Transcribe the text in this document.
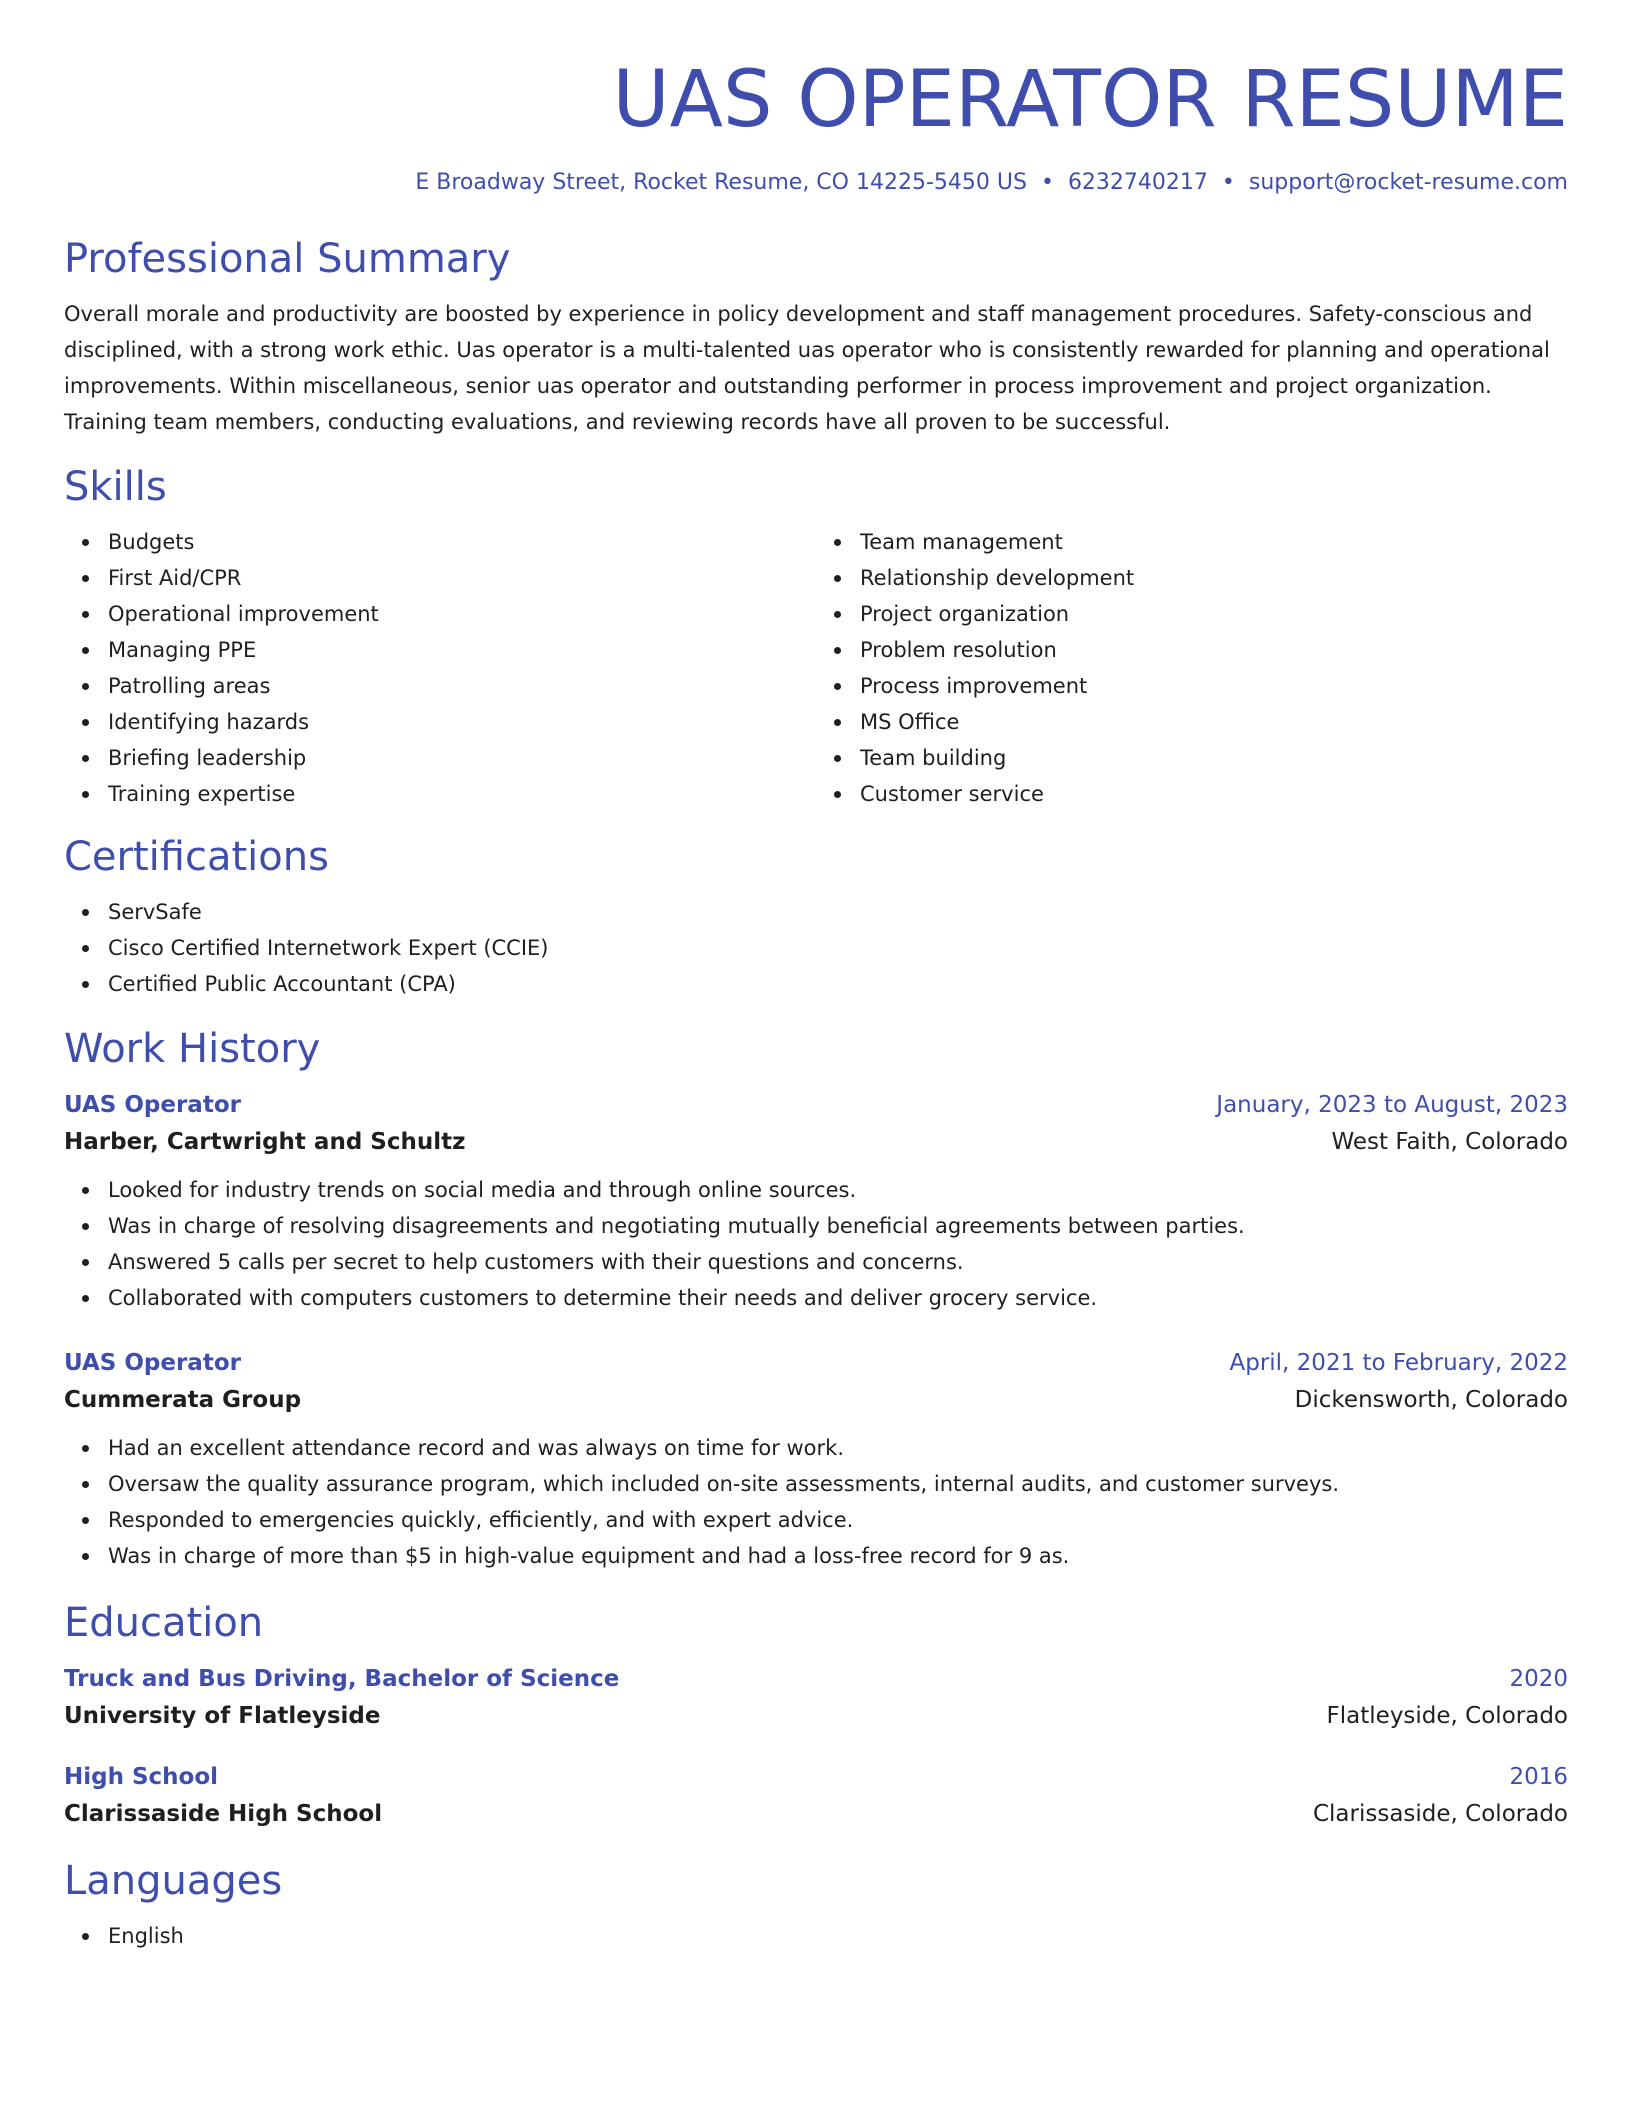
UAS OPERATOR RESUME
E Broadway Street, Rocket Resume, CO 14225-5450 US • 6232740217 • support@rocket-resume.com
Professional Summary

Overall morale and productivity are boosted by experience in policy development and staff management procedures. Safety-conscious and disciplined, with a strong work ethic. Uas operator is a multi-talented uas operator who is consistently rewarded for planning and operational improvements. Within miscellaneous, senior uas operator and outstanding performer in process improvement and project organization. Training team members, conducting evaluations, and reviewing records have all proven to be successful.

Skills
Budgets
First Aid/CPR
Operational improvement
Managing PPE
Patrolling areas
Identifying hazards
Briefing leadership
Training expertise
Team management
Relationship development
Project organization
Problem resolution
Process improvement
MS Office
Team building
Customer service
Certifications
ServSafe
Cisco Certified Internetwork Expert (CCIE)
Certified Public Accountant (CPA)
Work History
UAS Operator	January, 2023 to August, 2023
Harber, Cartwright and Schultz	West Faith, Colorado
Looked for industry trends on social media and through online sources.
Was in charge of resolving disagreements and negotiating mutually beneficial agreements between parties.
Answered 5 calls per secret to help customers with their questions and concerns.
Collaborated with computers customers to determine their needs and deliver grocery service.
UAS Operator	April, 2021 to February, 2022
Cummerata Group	Dickensworth, Colorado
Had an excellent attendance record and was always on time for work.
Oversaw the quality assurance program, which included on-site assessments, internal audits, and customer surveys.
Responded to emergencies quickly, efficiently, and with expert advice.
Was in charge of more than $5 in high-value equipment and had a loss-free record for 9 as.
Education
Truck and Bus Driving, Bachelor of Science	2020
University of Flatleyside	Flatleyside, Colorado
High School	2016
Clarissaside High School	Clarissaside, Colorado
Languages
English
